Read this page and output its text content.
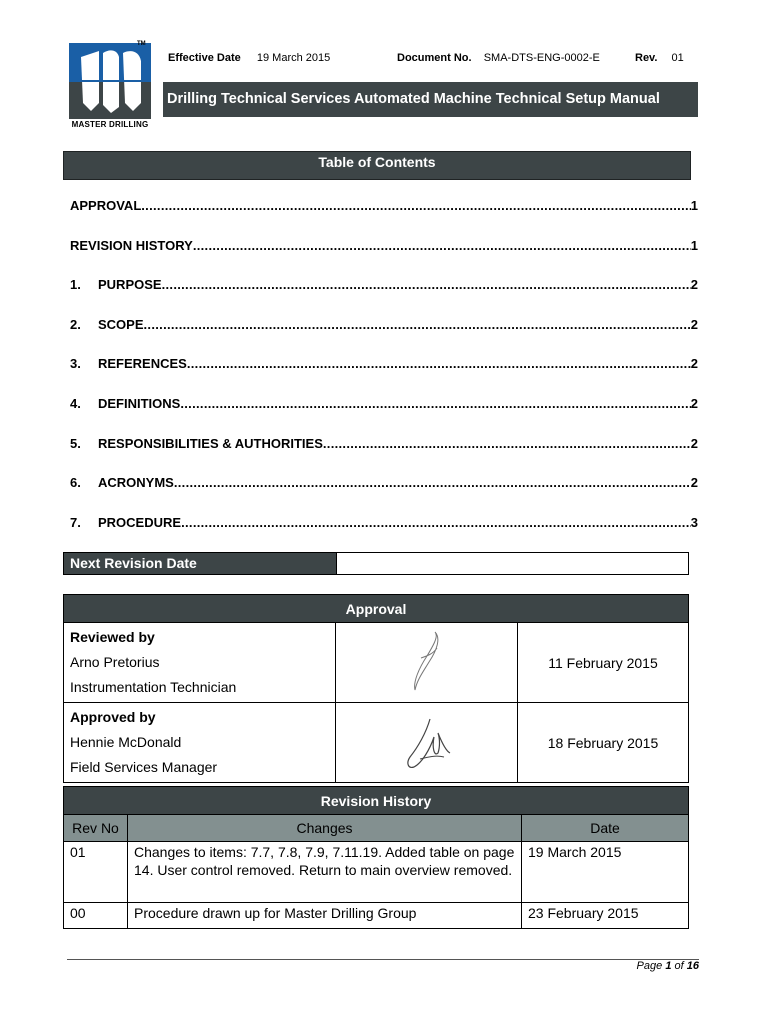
TM
MASTER DRILLING
Effective Date 19 March 2015	Document No. SMA-DTS-ENG-0002-E	Rev. 01
Drilling Technical Services Automated Machine Technical Setup Manual
Table of Contents
APPROVAL .....	1
REVISION HISTORY .....	1
1.	PURPOSE .....	2
2.	SCOPE .....	2
3.	REFERENCES .....	2
4.	DEFINITIONS .....	2
5.	RESPONSIBILITIES & AUTHORITIES .....	2
6.	ACRONYMS .....	2
7.	PROCEDURE .....	3
Next Revision Date
Approval		

Reviewed by
Arno Pretorius
Instrumentation Technician		11 February 2015

Approved by
Hennie McDonald
Field Services Manager		18 February 2015
Revision History		
Rev No	Changes	Date
01	Changes to items: 7.7, 7.8, 7.9, 7.11.19. Added table on page 14. User control removed. Return to main overview removed.	19 March 2015
00	Procedure drawn up for Master Drilling Group	23 February 2015
Page 1 of 16
